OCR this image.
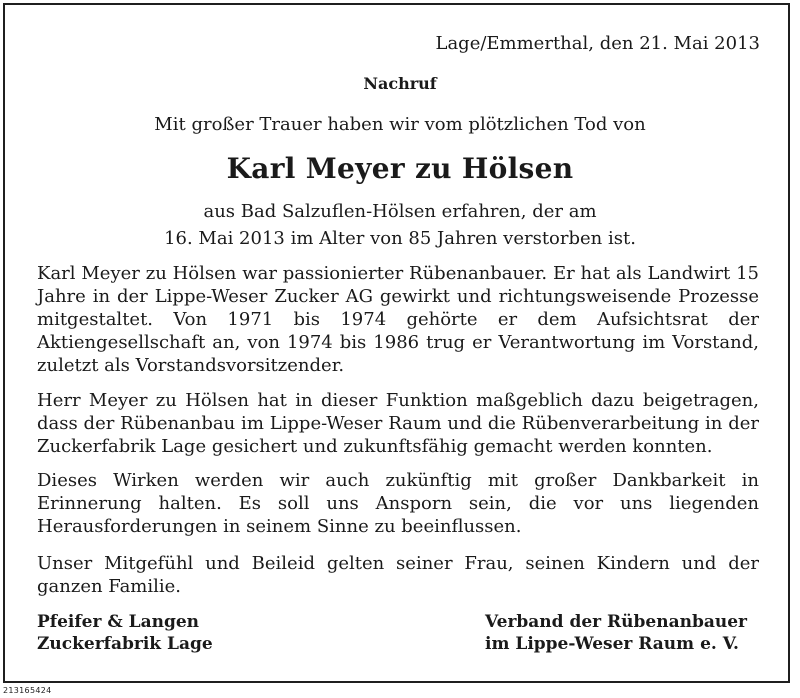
Lage/Emmerthal, den 21. Mai 2013
Nachruf
Mit großer Trauer haben wir vom plötzlichen Tod von
Karl Meyer zu Hölsen
aus Bad Salzuflen-Hölsen erfahren, der am
16. Mai 2013 im Alter von 85 Jahren verstorben ist.
Karl Meyer zu Hölsen war passionierter Rübenanbauer. Er hat als Landwirt 15 Jahre in der Lippe-Weser Zucker AG gewirkt und richtungsweisende Prozesse mitgestaltet. Von 1971 bis 1974 gehörte er dem Aufsichtsrat der Aktiengesellschaft an, von 1974 bis 1986 trug er Verantwortung im Vorstand, zuletzt als Vorstandsvorsitzender.
Herr Meyer zu Hölsen hat in dieser Funktion maßgeblich dazu beigetragen, dass der Rübenanbau im Lippe-Weser Raum und die Rübenverarbeitung in der Zuckerfabrik Lage gesichert und zukunftsfähig gemacht werden konnten.
Dieses Wirken werden wir auch zukünftig mit großer Dankbarkeit in Erinnerung halten. Es soll uns Ansporn sein, die vor uns liegenden Herausforderungen in seinem Sinne zu beeinflussen.
Unser Mitgefühl und Beileid gelten seiner Frau, seinen Kindern und der ganzen Familie.
Pfeifer & Langen
Zuckerfabrik Lage
Verband der Rübenanbauer
im Lippe-Weser Raum e. V.
213165424
